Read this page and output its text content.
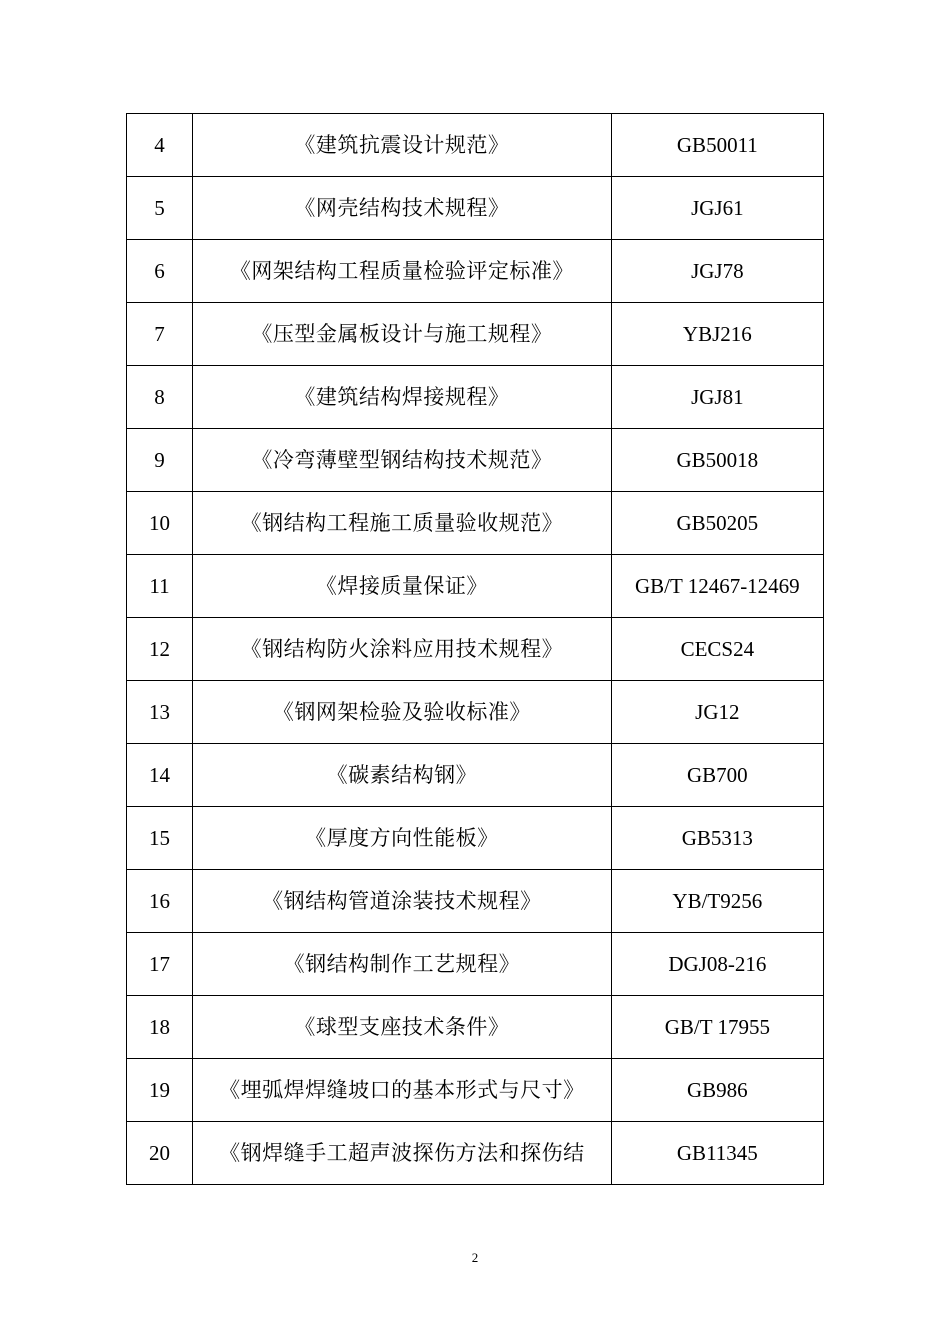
4	《建筑抗震设计规范》	GB50011
5	《网壳结构技术规程》	JGJ61
6	《网架结构工程质量检验评定标准》	JGJ78
7	《压型金属板设计与施工规程》	YBJ216
8	《建筑结构焊接规程》	JGJ81
9	《冷弯薄壁型钢结构技术规范》	GB50018
10	《钢结构工程施工质量验收规范》	GB50205
11	《焊接质量保证》	GB/T 12467-12469
12	《钢结构防火涂料应用技术规程》	CECS24
13	《钢网架检验及验收标准》	JG12
14	《碳素结构钢》	GB700
15	《厚度方向性能板》	GB5313
16	《钢结构管道涂装技术规程》	YB/T9256
17	《钢结构制作工艺规程》	DGJ08-216
18	《球型支座技术条件》	GB/T 17955
19	《埋弧焊焊缝坡口的基本形式与尺寸》	GB986
20	《钢焊缝手工超声波探伤方法和探伤结	GB11345
2
